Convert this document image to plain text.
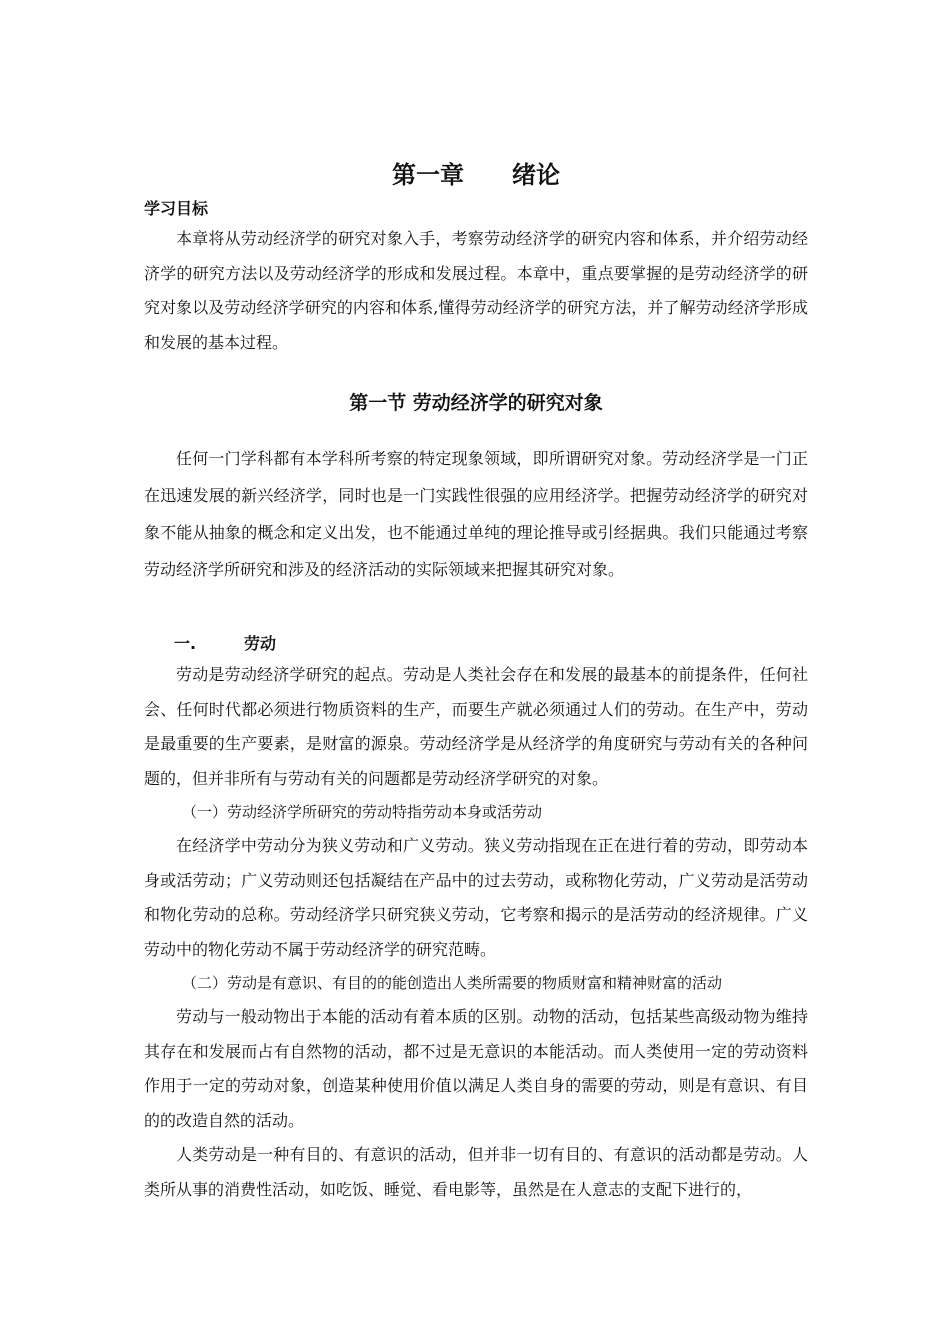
第一章　　绪论
学习目标

本章将从劳动经济学的研究对象入手，考察劳动经济学的研究内容和体系，并介绍劳动经济学的研究方法以及劳动经济学的形成和发展过程。本章中，重点要掌握的是劳动经济学的研究对象以及劳动经济学研究的内容和体系,懂得劳动经济学的研究方法，并了解劳动经济学形成和发展的基本过程。

第一节 劳动经济学的研究对象

任何一门学科都有本学科所考察的特定现象领域，即所谓研究对象。劳动经济学是一门正在迅速发展的新兴经济学，同时也是一门实践性很强的应用经济学。把握劳动经济学的研究对象不能从抽象的概念和定义出发，也不能通过单纯的理论推导或引经据典。我们只能通过考察劳动经济学所研究和涉及的经济活动的实际领域来把握其研究对象。

一.	劳动

劳动是劳动经济学研究的起点。劳动是人类社会存在和发展的最基本的前提条件，任何社会、任何时代都必须进行物质资料的生产，而要生产就必须通过人们的劳动。在生产中，劳动是最重要的生产要素，是财富的源泉。劳动经济学是从经济学的角度研究与劳动有关的各种问题的，但并非所有与劳动有关的问题都是劳动经济学研究的对象。

（一）劳动经济学所研究的劳动特指劳动本身或活劳动

在经济学中劳动分为狭义劳动和广义劳动。狭义劳动指现在正在进行着的劳动，即劳动本身或活劳动；广义劳动则还包括凝结在产品中的过去劳动，或称物化劳动，广义劳动是活劳动和物化劳动的总称。劳动经济学只研究狭义劳动，它考察和揭示的是活劳动的经济规律。广义劳动中的物化劳动不属于劳动经济学的研究范畴。

（二）劳动是有意识、有目的的能创造出人类所需要的物质财富和精神财富的活动

劳动与一般动物出于本能的活动有着本质的区别。动物的活动，包括某些高级动物为维持其存在和发展而占有自然物的活动，都不过是无意识的本能活动。而人类使用一定的劳动资料作用于一定的劳动对象，创造某种使用价值以满足人类自身的需要的劳动，则是有意识、有目的的改造自然的活动。

人类劳动是一种有目的、有意识的活动，但并非一切有目的、有意识的活动都是劳动。人类所从事的消费性活动，如吃饭、睡觉、看电影等，虽然是在人意志的支配下进行的，
